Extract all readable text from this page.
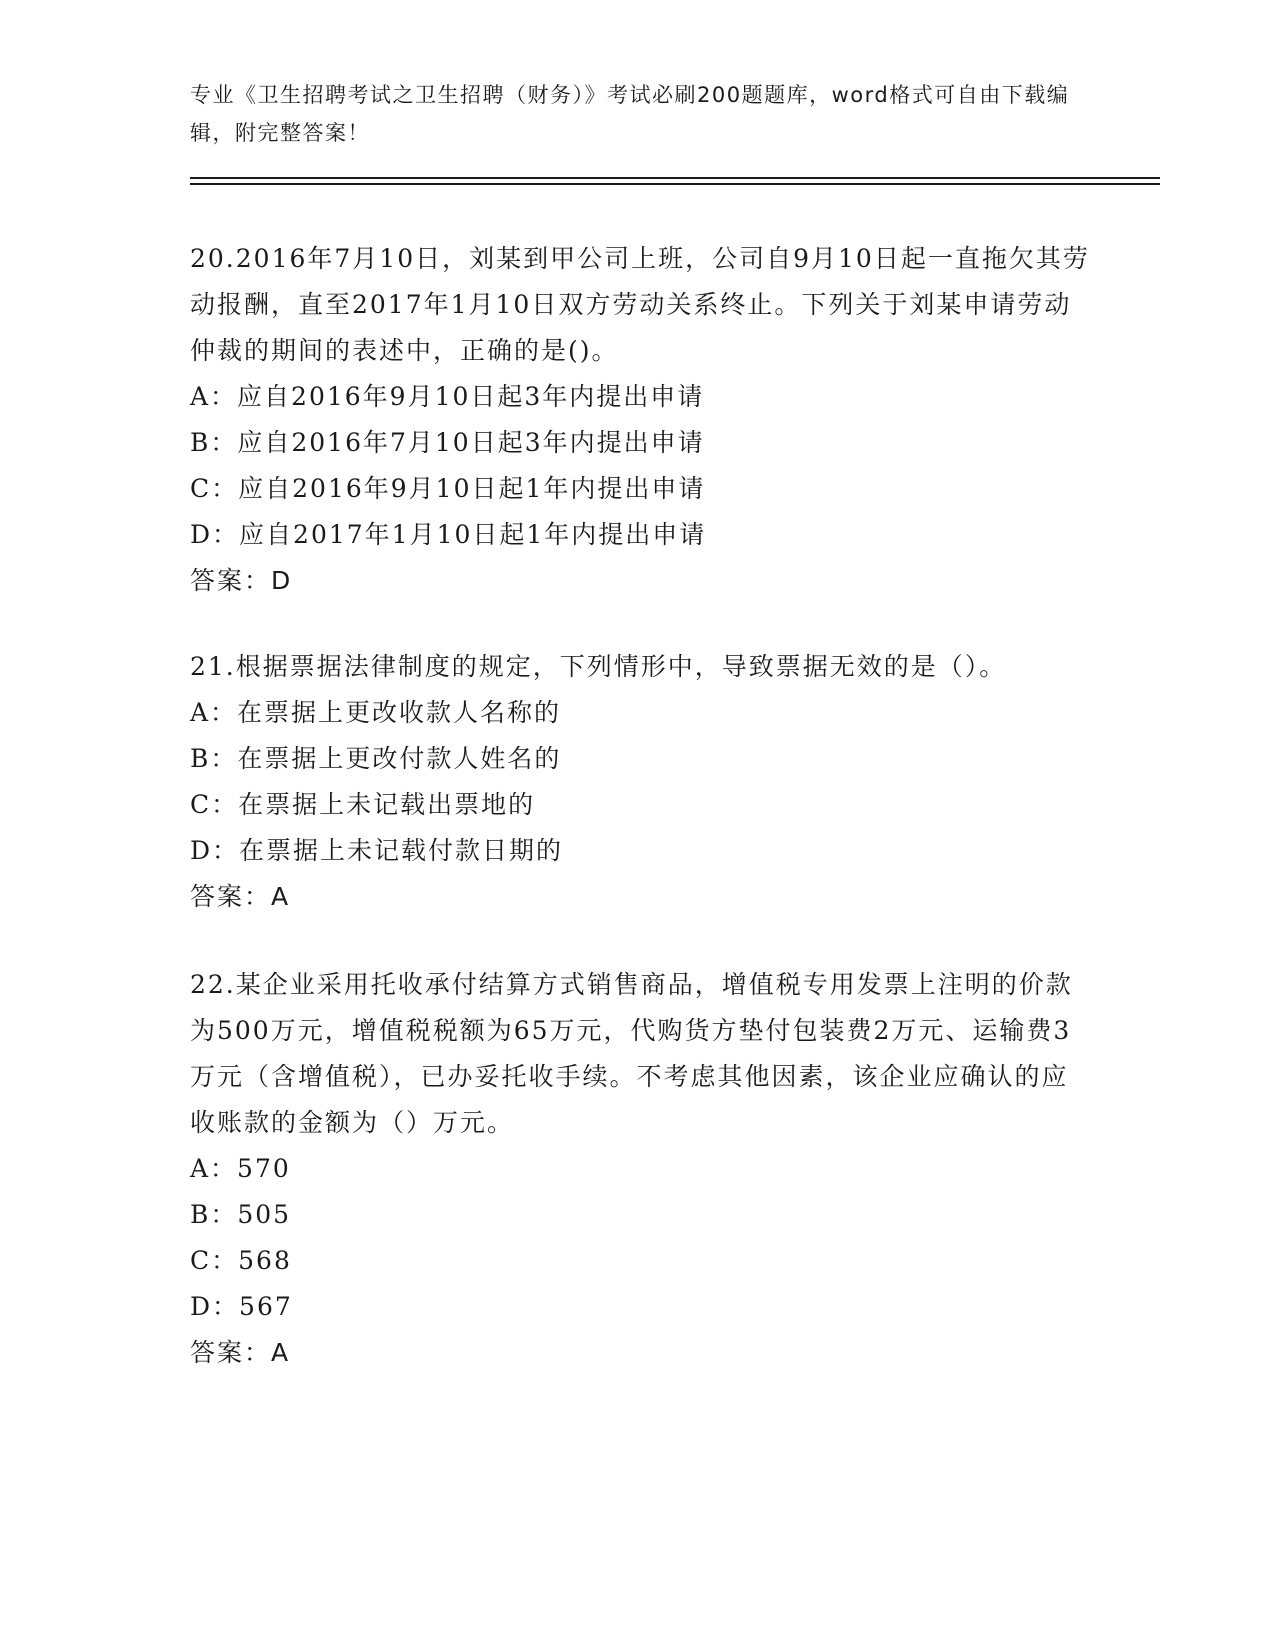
专业《卫生招聘考试之卫生招聘（财务）》考试必刷200题题库，word格式可自由下载编辑，附完整答案！
20.2016年7月10日，刘某到甲公司上班，公司自9月10日起一直拖欠其劳动报酬，直至2017年1月10日双方劳动关系终止。下列关于刘某申请劳动仲裁的期间的表述中，正确的是()。
A：应自2016年9月10日起3年内提出申请
B：应自2016年7月10日起3年内提出申请
C：应自2016年9月10日起1年内提出申请
D：应自2017年1月10日起1年内提出申请
答案：D
21.根据票据法律制度的规定，下列情形中，导致票据无效的是（）。
A：在票据上更改收款人名称的
B：在票据上更改付款人姓名的
C：在票据上未记载出票地的
D：在票据上未记载付款日期的
答案：A
22.某企业采用托收承付结算方式销售商品，增值税专用发票上注明的价款为500万元，增值税税额为65万元，代购货方垫付包装费2万元、运输费3万元（含增值税），已办妥托收手续。不考虑其他因素，该企业应确认的应收账款的金额为（）万元。
A：570
B：505
C：568
D：567
答案：A
